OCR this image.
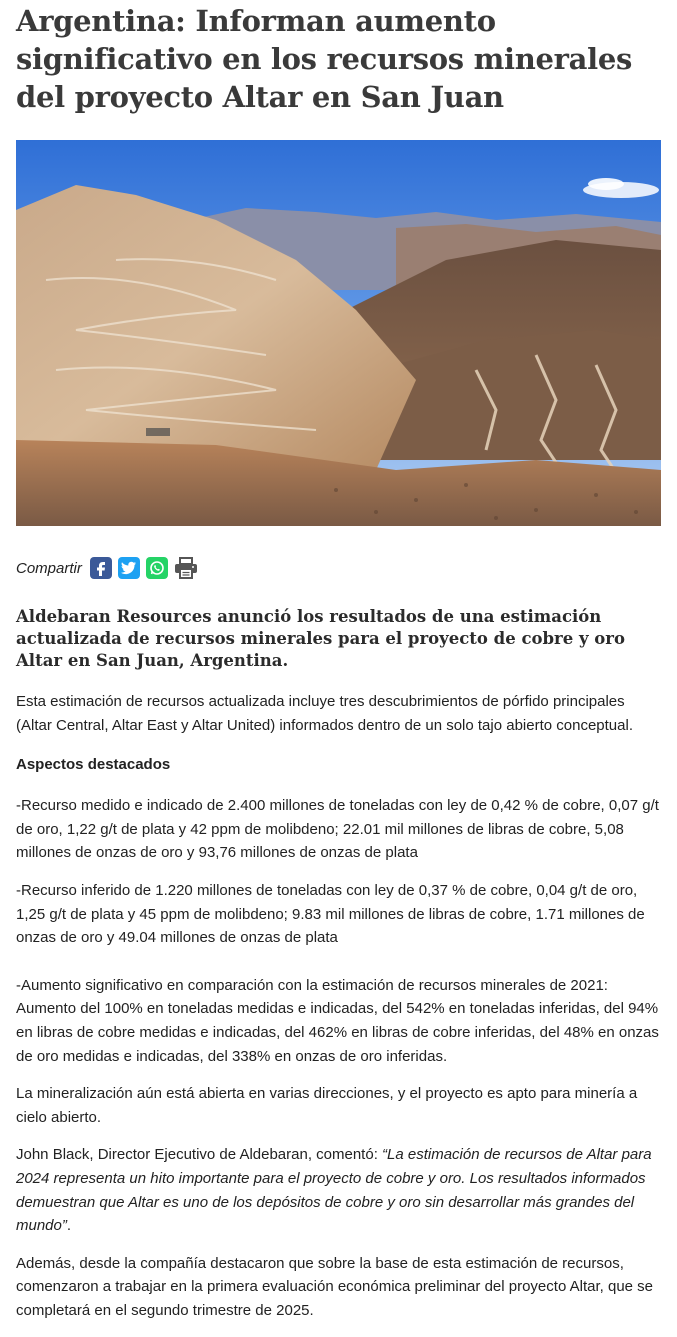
Argentina: Informan aumento significativo en los recursos minerales del proyecto Altar en San Juan
Compartir

Aldebaran Resources anunció los resultados de una estimación actualizada de recursos minerales para el proyecto de cobre y oro Altar en San Juan, Argentina.

Esta estimación de recursos actualizada incluye tres descubrimientos de pórfido principales (Altar Central, Altar East y Altar United) informados dentro de un solo tajo abierto conceptual.

Aspectos destacados

-Recurso medido e indicado de 2.400 millones de toneladas con ley de 0,42 % de cobre, 0,07 g/t de oro, 1,22 g/t de plata y 42 ppm de molibdeno; 22.01 mil millones de libras de cobre, 5,08 millones de onzas de oro y 93,76 millones de onzas de plata

-Recurso inferido de 1.220 millones de toneladas con ley de 0,37 % de cobre, 0,04 g/t de oro, 1,25 g/t de plata y 45 ppm de molibdeno; 9.83 mil millones de libras de cobre, 1.71 millones de onzas de oro y 49.04 millones de onzas de plata

-Aumento significativo en comparación con la estimación de recursos minerales de 2021: Aumento del 100% en toneladas medidas e indicadas, del 542% en toneladas inferidas, del 94% en libras de cobre medidas e indicadas, del 462% en libras de cobre inferidas, del 48% en onzas de oro medidas e indicadas, del 338% en onzas de oro inferidas.

La mineralización aún está abierta en varias direcciones, y el proyecto es apto para minería a cielo abierto.

John Black, Director Ejecutivo de Aldebaran, comentó: “La estimación de recursos de Altar para 2024 representa un hito importante para el proyecto de cobre y oro. Los resultados informados demuestran que Altar es uno de los depósitos de cobre y oro sin desarrollar más grandes del mundo”.

Además, desde la compañía destacaron que sobre la base de esta estimación de recursos, comenzaron a trabajar en la primera evaluación económica preliminar del proyecto Altar, que se completará en el segundo trimestre de 2025.
